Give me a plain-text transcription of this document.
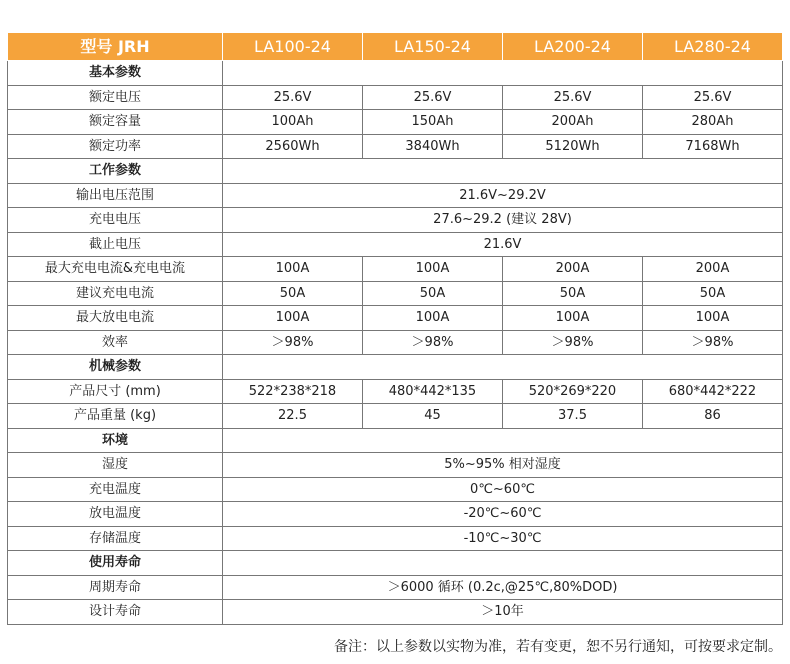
型号 JRH	LA100-24	LA150-24	LA200-24	LA280-24
基本参数				
额定电压	25.6V	25.6V	25.6V	25.6V
额定容量	100Ah	150Ah	200Ah	280Ah
额定功率	2560Wh	3840Wh	5120Wh	7168Wh
工作参数				
输出电压范围	21.6V~29.2V			
充电电压	27.6~29.2 (建议 28V)			
截止电压	21.6V			
最大充电电流&充电电流	100A	100A	200A	200A
建议充电电流	50A	50A	50A	50A
最大放电电流	100A	100A	100A	100A
效率	＞98%	＞98%	＞98%	＞98%
机械参数				
产品尺寸 (mm)	522*238*218	480*442*135	520*269*220	680*442*222
产品重量 (kg)	22.5	45	37.5	86
环境				
湿度	5%~95% 相对湿度			
充电温度	0℃~60℃			
放电温度	-20℃~60℃			
存储温度	-10℃~30℃			
使用寿命				
周期寿命	＞6000 循环 (0.2c,@25℃,80%DOD)			
设计寿命	＞10年			
备注：以上参数以实物为准，若有变更，恕不另行通知，可按要求定制。
